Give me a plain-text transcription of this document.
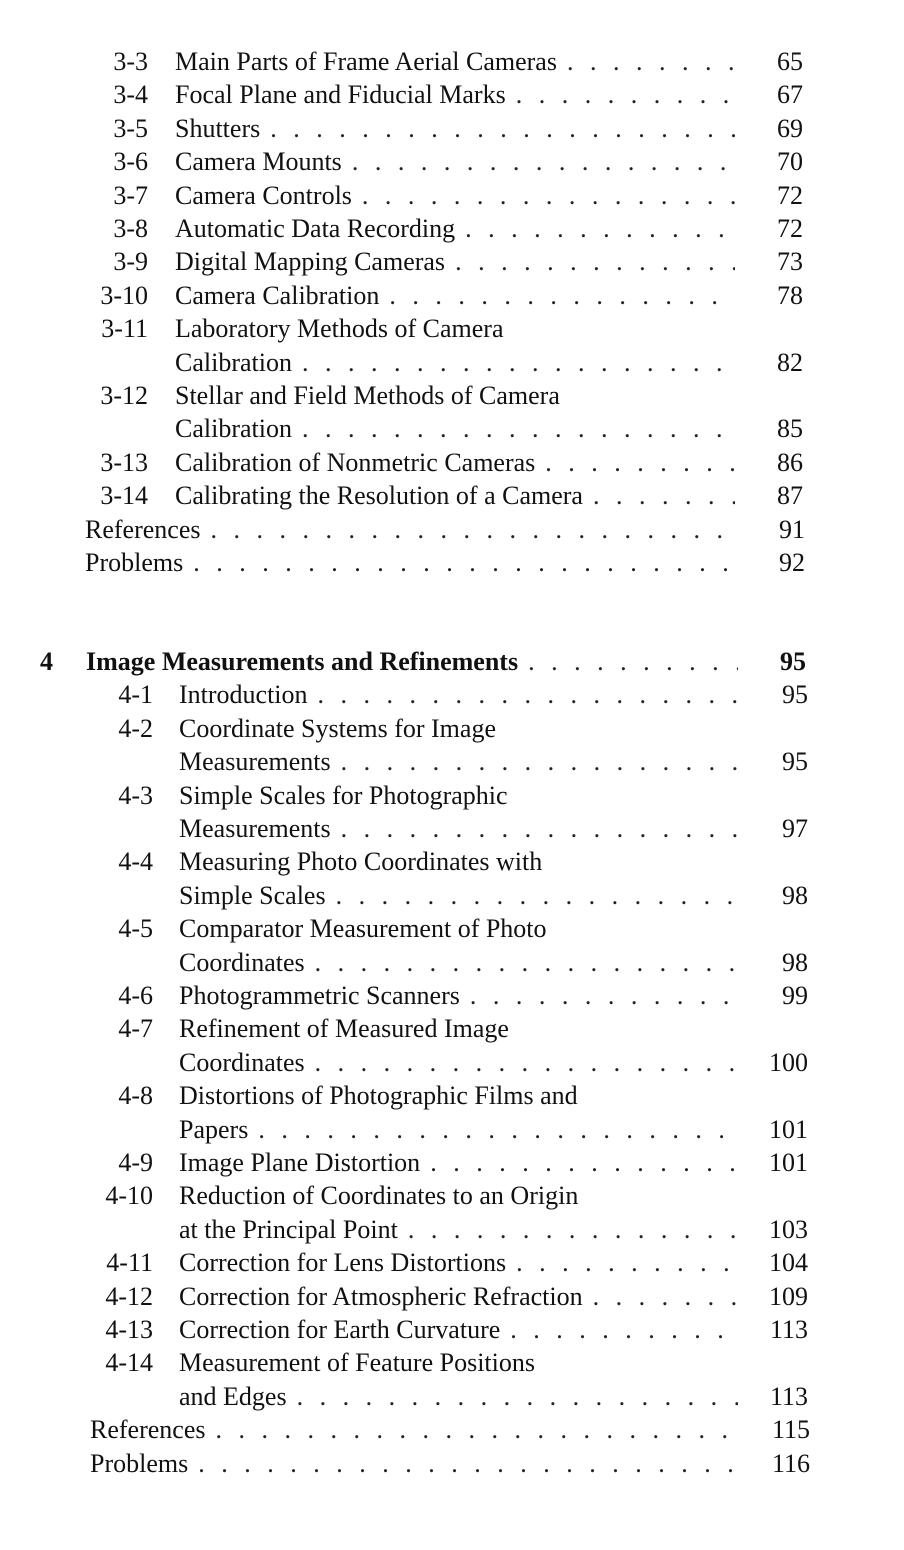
3-3 Main Parts of Frame Aerial Cameras . . .	65
3-4 Focal Plane and Fiducial Marks . . .	67
3-5 Shutters . . .	69
3-6 Camera Mounts . . .	70
3-7 Camera Controls . . .	72
3-8 Automatic Data Recording . . .	72
3-9 Digital Mapping Cameras . . .	73
3-10 Camera Calibration . . .	78
3-11 Laboratory Methods of Camera
Calibration . . .	82
3-12 Stellar and Field Methods of Camera
Calibration . . .	85
3-13 Calibration of Nonmetric Cameras . . .	86
3-14 Calibrating the Resolution of a Camera . . .	87
References . . .	91
Problems . . .	92
4	Image Measurements and Refinements . . .	95
4-1 Introduction . . .	95
4-2 Coordinate Systems for Image
Measurements . . .	95
4-3 Simple Scales for Photographic
Measurements . . .	97
4-4 Measuring Photo Coordinates with
Simple Scales . . .	98
4-5 Comparator Measurement of Photo
Coordinates . . .	98
4-6 Photogrammetric Scanners . . .	99
4-7 Refinement of Measured Image
Coordinates . . .	100
4-8 Distortions of Photographic Films and
Papers . . .	101
4-9 Image Plane Distortion . . .	101
4-10 Reduction of Coordinates to an Origin
at the Principal Point . . .	103
4-11 Correction for Lens Distortions . . .	104
4-12 Correction for Atmospheric Refraction . . .	109
4-13 Correction for Earth Curvature . . .	113
4-14 Measurement of Feature Positions
and Edges . . .	113
References . . .	115
Problems . . .	116
